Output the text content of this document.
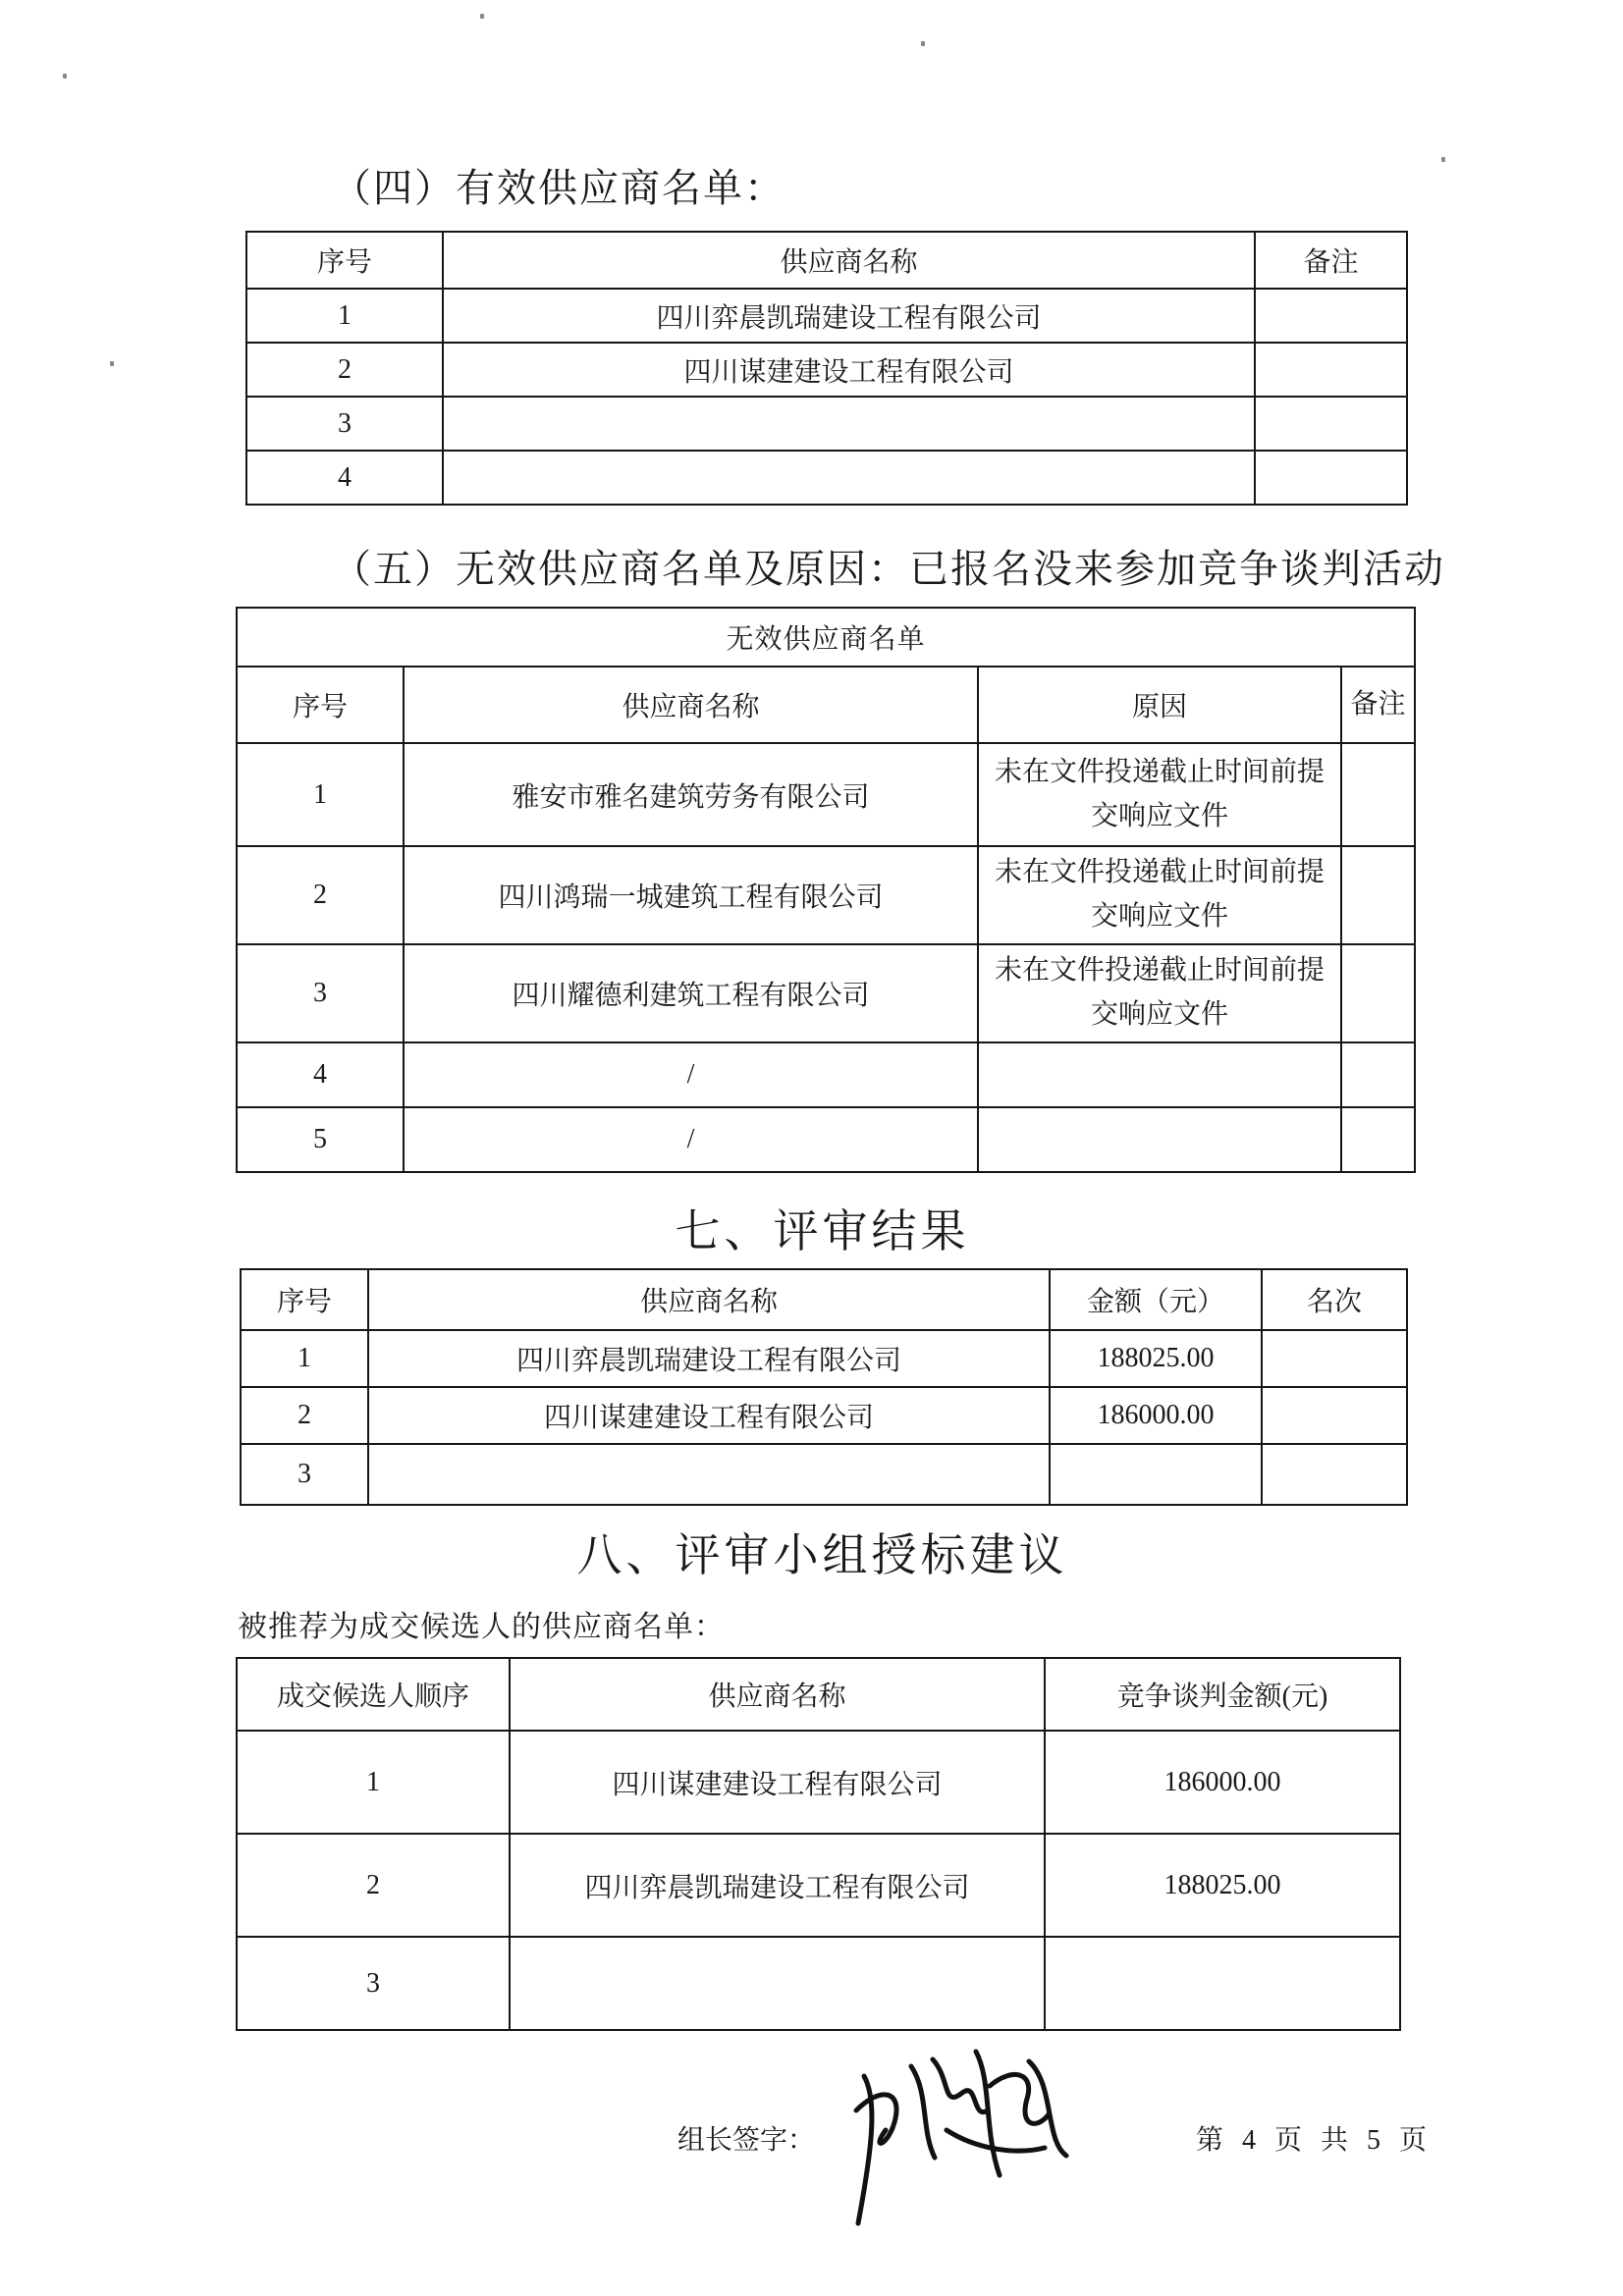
（四）有效供应商名单：
序号	供应商名称	备注
1	四川弈晨凯瑞建设工程有限公司	
2	四川谋建建设工程有限公司	
3		
4		
（五）无效供应商名单及原因：已报名没来参加竞争谈判活动
无效供应商名单			
序号	供应商名称	原因	备注
1	雅安市雅名建筑劳务有限公司	未在文件投递截止时间前提交响应文件	
2	四川鸿瑞一城建筑工程有限公司	未在文件投递截止时间前提交响应文件	
3	四川耀德利建筑工程有限公司	未在文件投递截止时间前提交响应文件	
4	/		
5	/		
七、评审结果
序号	供应商名称	金额（元）	名次
1	四川弈晨凯瑞建设工程有限公司	188025.00	
2	四川谋建建设工程有限公司	186000.00	
3			
八、评审小组授标建议
被推荐为成交候选人的供应商名单：
成交候选人顺序	供应商名称	竞争谈判金额(元)
1	四川谋建建设工程有限公司	186000.00
2	四川弈晨凯瑞建设工程有限公司	188025.00
3		
组长签字：	第 4 页 共 5 页
